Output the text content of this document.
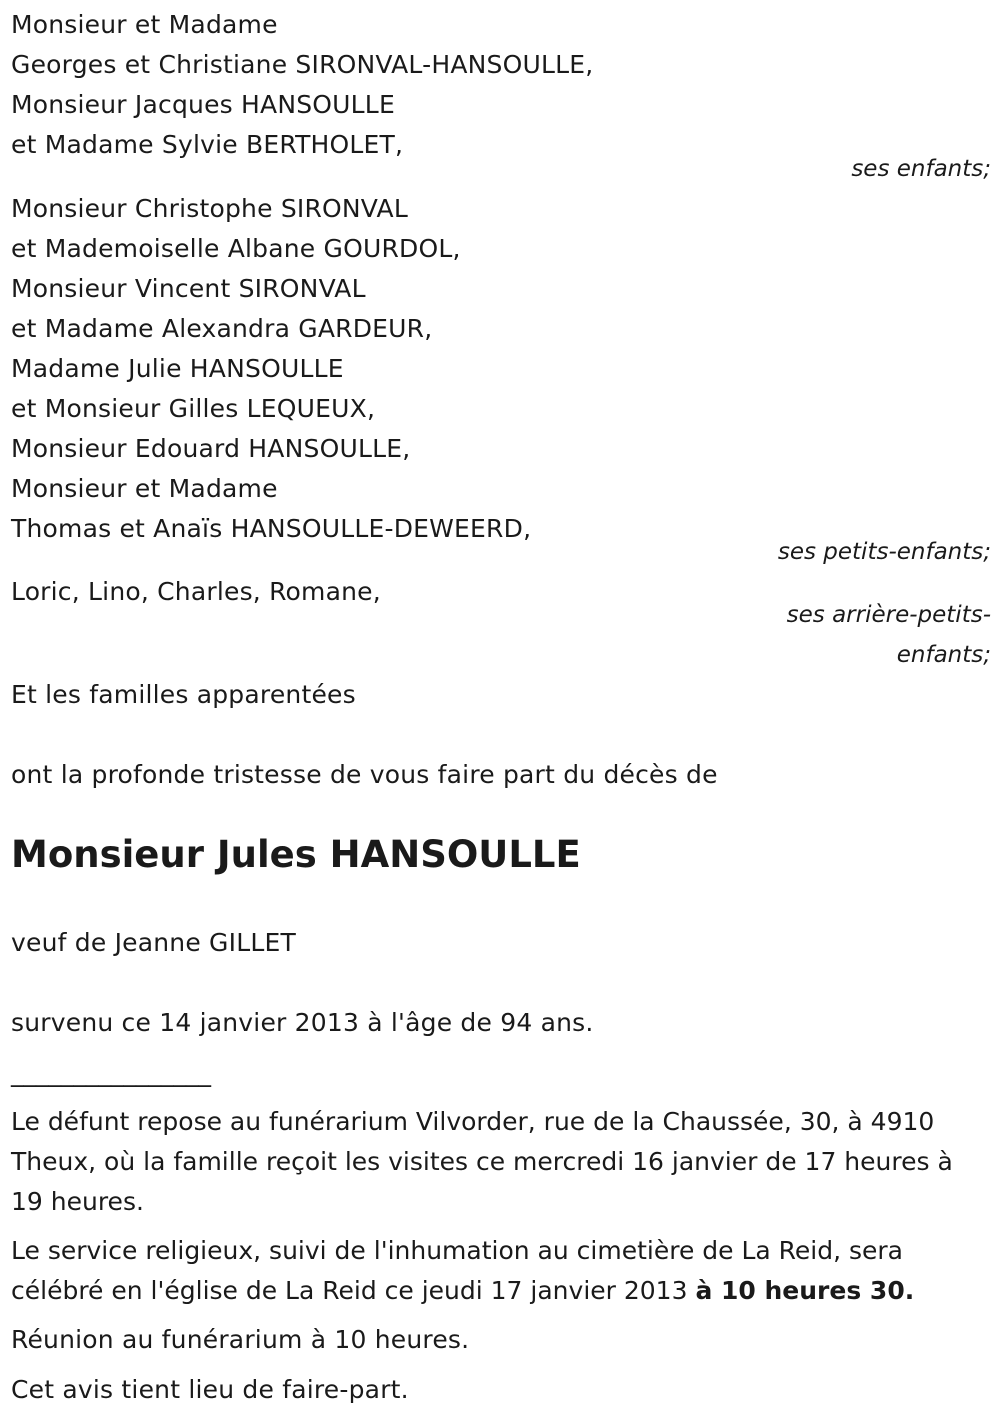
Monsieur et Madame
Georges et Christiane SIRONVAL-HANSOULLE,
Monsieur Jacques HANSOULLE
et Madame Sylvie BERTHOLET,
ses enfants;
Monsieur Christophe SIRONVAL
et Mademoiselle Albane GOURDOL,
Monsieur Vincent SIRONVAL
et Madame Alexandra GARDEUR,
Madame Julie HANSOULLE
et Monsieur Gilles LEQUEUX,
Monsieur Edouard HANSOULLE,
Monsieur et Madame
Thomas et Anaïs HANSOULLE-DEWEERD,
ses petits-enfants;
Loric, Lino, Charles, Romane,
ses arrière-petits-
enfants;
Et les familles apparentées
ont la profonde tristesse de vous faire part du décès de
Monsieur Jules HANSOULLE
veuf de Jeanne GILLET
survenu ce 14 janvier 2013 à l'âge de 94 ans.
________________
Le défunt repose au funérarium Vilvorder, rue de la Chaussée, 30, à 4910 Theux, où la famille reçoit les visites ce mercredi 16 janvier de 17 heures à 19 heures.
Le service religieux, suivi de l'inhumation au cimetière de La Reid, sera célébré en l'église de La Reid ce jeudi 17 janvier 2013 à 10 heures 30.
Réunion au funérarium à 10 heures.
Cet avis tient lieu de faire-part.
